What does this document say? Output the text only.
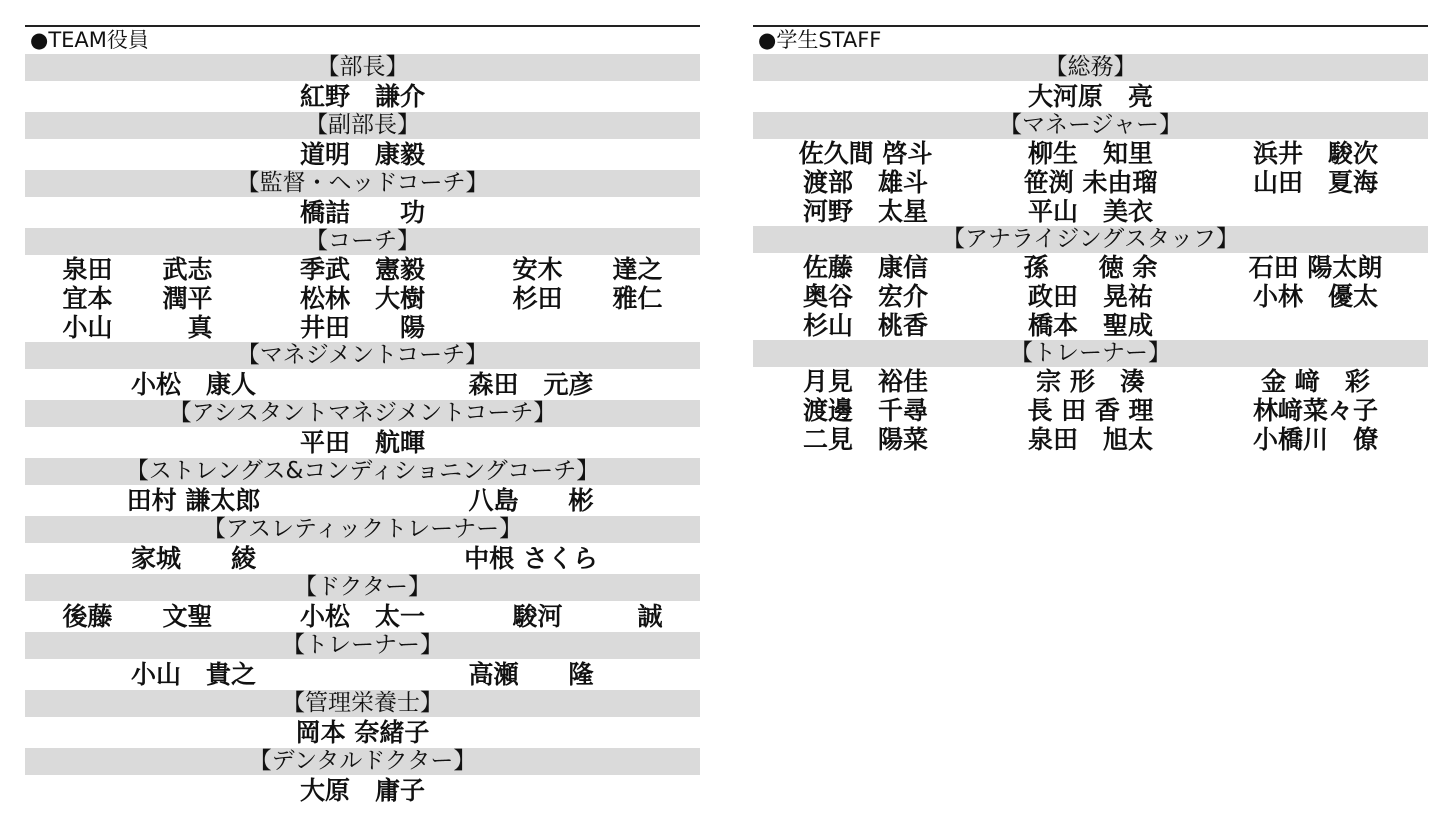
●TEAM役員
【部長】
紅野　謙介
【副部長】
道明　康毅
【監督・ヘッドコーチ】
橋詰　　功
【コーチ】
泉田　　武志	季武　憲毅	安木　　達之
宜本　　潤平	松林　大樹	杉田　　雅仁
小山　　　真	井田　　陽
【マネジメントコーチ】
小松　康人	森田　元彦
【アシスタントマネジメントコーチ】
平田　航暉
【ストレングス&コンディショニングコーチ】
田村 謙太郎	八島　　彬
【アスレティックトレーナー】
家城　　綾	中根 さくら
【ドクター】
後藤　　文聖	小松　太一	駿河　　　誠
【トレーナー】
小山　貴之	高瀬　　隆
【管理栄養士】
岡本 奈緒子
【デンタルドクター】
大原　庸子
●学生STAFF
【総務】
大河原　亮
【マネージャー】
佐久間 啓斗	柳生　知里	浜井　駿次
渡部　雄斗	笹渕 未由瑠	山田　夏海
河野　太星	平山　美衣
【アナライジングスタッフ】
佐藤　康信	孫　　徳 余	石田 陽太朗
奥谷　宏介	政田　晃祐	小林　優太
杉山　桃香	橋本　聖成
【トレーナー】
月見　裕佳	宗 形　湊	金 﨑　彩
渡邊　千尋	長 田 香 理	林﨑菜々子
二見　陽菜	泉田　旭太	小橋川　僚
